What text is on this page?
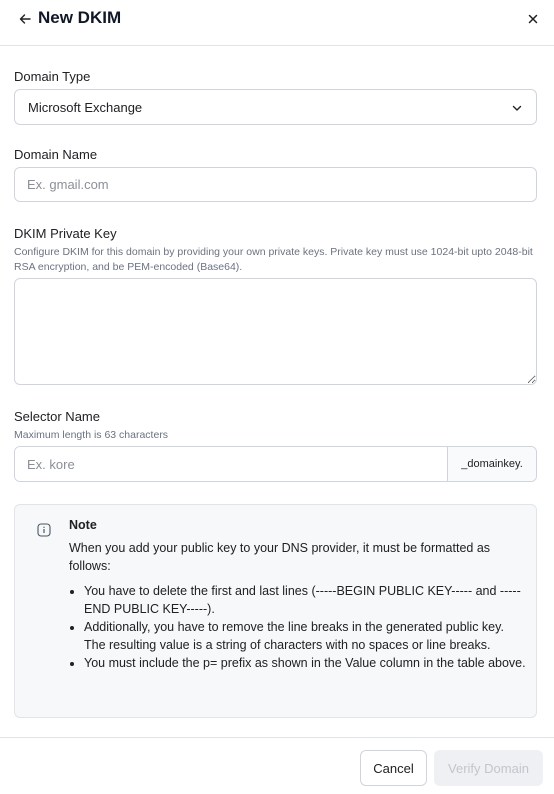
New DKIM
Domain Type
Microsoft Exchange
Domain Name
Ex. gmail.com
DKIM Private Key
Configure DKIM for this domain by providing your own private keys. Private key must use 1024-bit upto 2048-bit RSA encryption, and be PEM-encoded (Base64).
Selector Name
Maximum length is 63 characters
Ex. kore
_domainkey.
Note
When you add your public key to your DNS provider, it must be formatted as follows:
• You have to delete the first and last lines (-----BEGIN PUBLIC KEY----- and -----END PUBLIC KEY-----).
• Additionally, you have to remove the line breaks in the generated public key. The resulting value is a string of characters with no spaces or line breaks.
• You must include the p= prefix as shown in the Value column in the table above.
Cancel	Verify Domain
